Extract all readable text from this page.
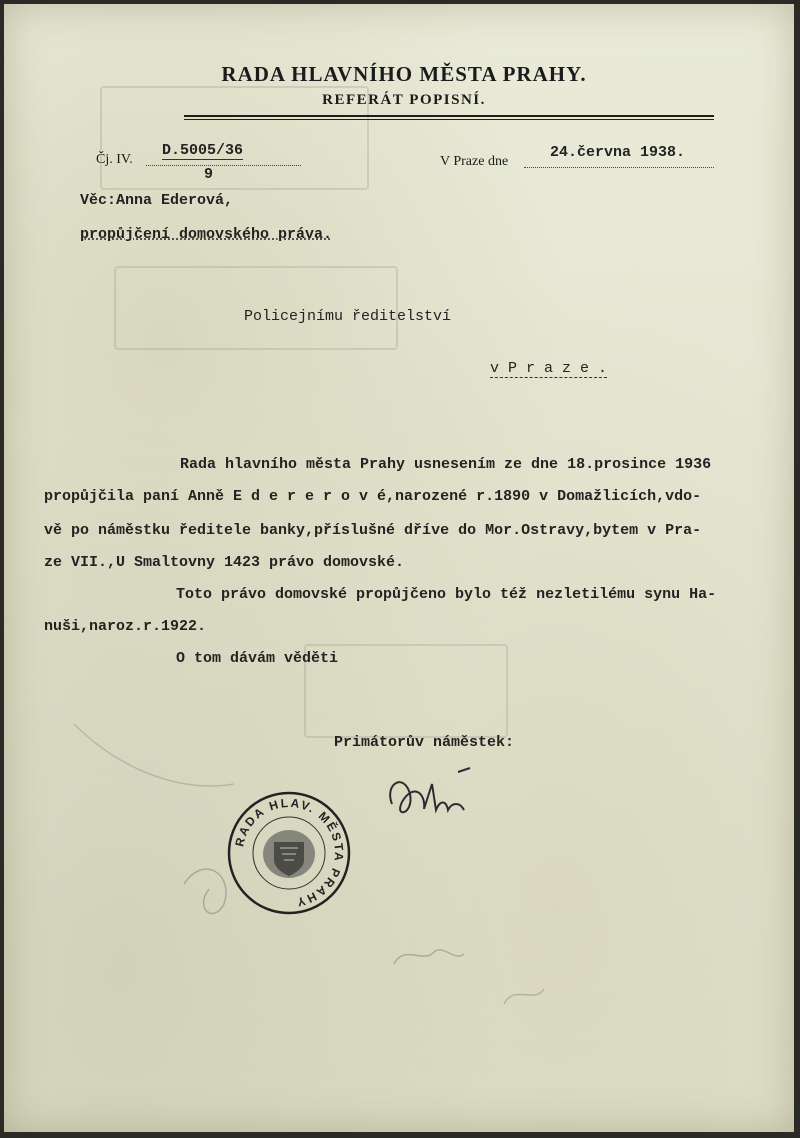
RADA HLAVNÍHO MĚSTA PRAHY.
REFERÁT POPISNÍ.
Čj. IV.
D.5005/36
9
V Praze dne
24.června 1938.
Věc:Anna Ederová,
propůjčení domovského práva.
Policejnímu ředitelství
v P r a z e .
Rada hlavního města Prahy usnesením ze dne 18.prosince 1936
propůjčila paní Anně E d e r e r o v é,narozené r.1890 v Domažlicích,vdo-
vě po náměstku ředitele banky,příslušné dříve do Mor.Ostravy,bytem v Pra-
ze VII.,U Smaltovny 1423 právo domovské.
Toto právo domovské propůjčeno bylo též nezletilému synu Ha-
nuši,naroz.r.1922.
O tom dávám věděti
Primátorův náměstek:
RADA HLAV. MĚSTA PRAHY
